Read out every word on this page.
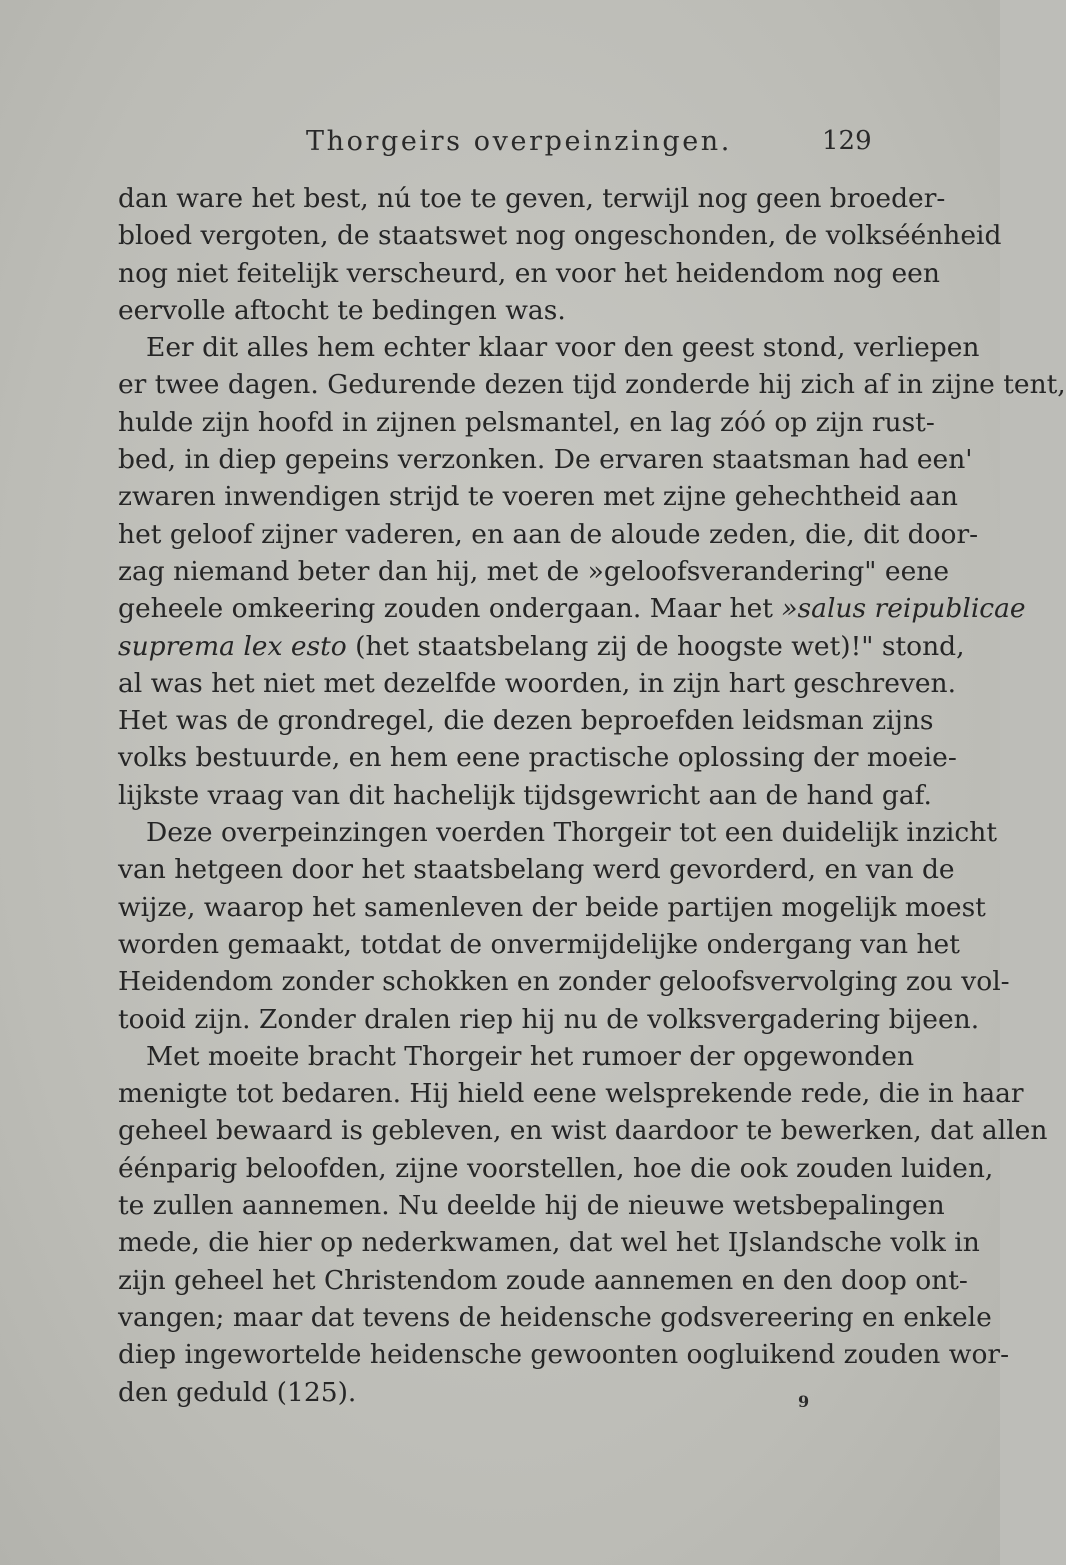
Thorgeirs overpeinzingen.	129
dan ware het best, nú toe te geven, terwijl nog geen broeder-
bloed vergoten, de staatswet nog ongeschonden, de volkséénheid
nog niet feitelijk verscheurd, en voor het heidendom nog een
eervolle aftocht te bedingen was.
Eer dit alles hem echter klaar voor den geest stond, verliepen
er twee dagen. Gedurende dezen tijd zonderde hij zich af in zijne tent,
hulde zijn hoofd in zijnen pelsmantel, en lag zóó op zijn rust-
bed, in diep gepeins verzonken. De ervaren staatsman had een'
zwaren inwendigen strijd te voeren met zijne gehechtheid aan
het geloof zijner vaderen, en aan de aloude zeden, die, dit door-
zag niemand beter dan hij, met de »geloofsverandering" eene
geheele omkeering zouden ondergaan. Maar het »salus reipublicae
suprema lex esto (het staatsbelang zij de hoogste wet)!" stond,
al was het niet met dezelfde woorden, in zijn hart geschreven.
Het was de grondregel, die dezen beproefden leidsman zijns
volks bestuurde, en hem eene practische oplossing der moeie-
lijkste vraag van dit hachelijk tijdsgewricht aan de hand gaf.
Deze overpeinzingen voerden Thorgeir tot een duidelijk inzicht
van hetgeen door het staatsbelang werd gevorderd, en van de
wijze, waarop het samenleven der beide partijen mogelijk moest
worden gemaakt, totdat de onvermijdelijke ondergang van het
Heidendom zonder schokken en zonder geloofsvervolging zou vol-
tooid zijn. Zonder dralen riep hij nu de volksvergadering bijeen.
Met moeite bracht Thorgeir het rumoer der opgewonden
menigte tot bedaren. Hij hield eene welsprekende rede, die in haar
geheel bewaard is gebleven, en wist daardoor te bewerken, dat allen
éénparig beloofden, zijne voorstellen, hoe die ook zouden luiden,
te zullen aannemen. Nu deelde hij de nieuwe wetsbepalingen
mede, die hier op nederkwamen, dat wel het IJslandsche volk in
zijn geheel het Christendom zoude aannemen en den doop ont-
vangen; maar dat tevens de heidensche godsvereering en enkele
diep ingewortelde heidensche gewoonten oogluikend zouden wor-
den geduld (125).	9
